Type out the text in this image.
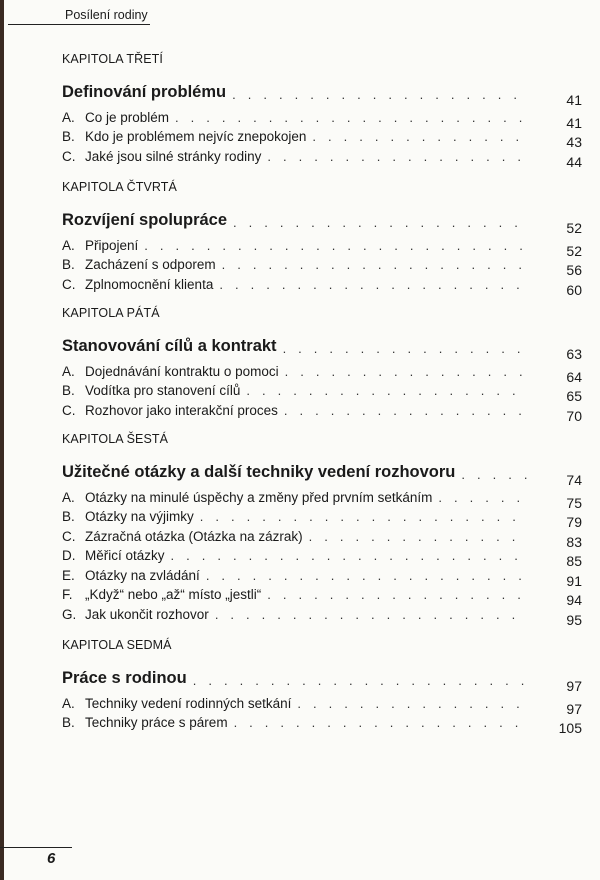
Posílení rodiny
KAPITOLA TŘETÍ
Definování problému . . .	41
A. Co je problém . . .	41
B. Kdo je problémem nejvíc znepokojen . . .	43
C. Jaké jsou silné stránky rodiny . . .	44
KAPITOLA ČTVRTÁ
Rozvíjení spolupráce . . .	52
A. Připojení . . .	52
B. Zacházení s odporem . . .	56
C. Zplnomocnění klienta . . .	60
KAPITOLA PÁTÁ
Stanovování cílů a kontrakt . . .	63
A. Dojednávání kontraktu o pomoci . . .	64
B. Vodítka pro stanovení cílů . . .	65
C. Rozhovor jako interakční proces . . .	70
KAPITOLA ŠESTÁ
Užitečné otázky a další techniky vedení rozhovoru . . .	74
A. Otázky na minulé úspěchy a změny před prvním setkáním . . .	75
B. Otázky na výjimky . . .	79
C. Zázračná otázka (Otázka na zázrak) . . .	83
D. Měřicí otázky . . .	85
E. Otázky na zvládání . . .	91
F. „Když“ nebo „až“ místo „jestli“ . . .	94
G. Jak ukončit rozhovor . . .	95
KAPITOLA SEDMÁ
Práce s rodinou . . .	97
A. Techniky vedení rodinných setkání . . .	97
B. Techniky práce s párem . . .	105
6
